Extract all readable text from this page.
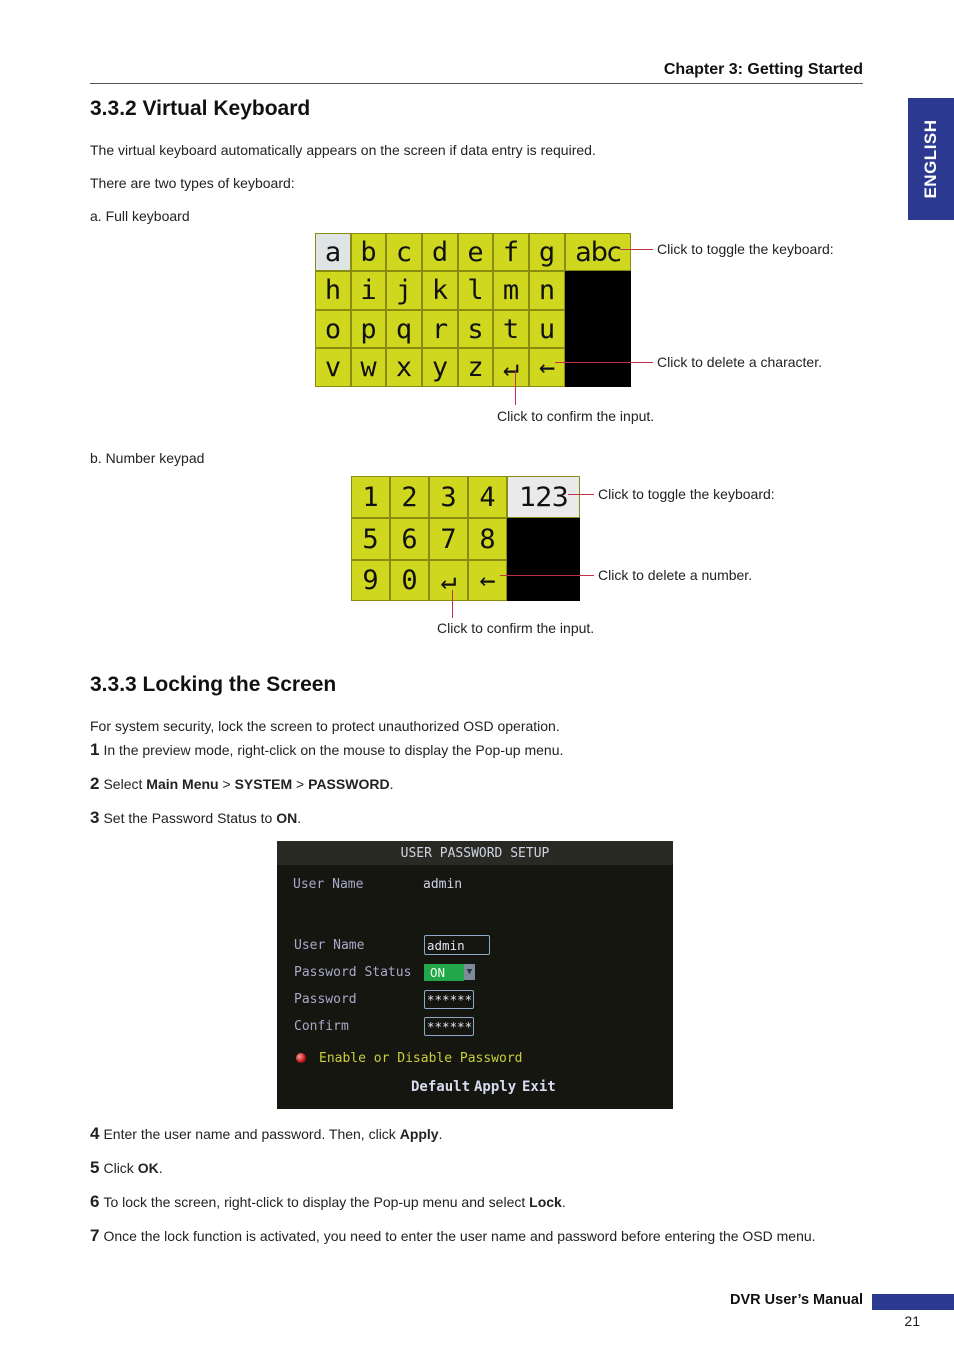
Chapter 3: Getting Started
ENGLISH
3.3.2 Virtual Keyboard
The virtual keyboard automatically appears on the screen if data entry is required.
There are two types of keyboard:
a. Full keyboard
a b c d e f g abc
h i j k l m n
o p q r s t u
v w x y z ↵ ←
Click to toggle the keyboard:
Click to delete a character.
Click to confirm the input.
b. Number keypad
1 2 3 4 123
5 6 7 8
9 0 ↵ ←
Click to toggle the keyboard:
Click to delete a number.
Click to confirm the input.
3.3.3 Locking the Screen
For system security, lock the screen to protect unauthorized OSD operation.
1 In the preview mode, right-click on the mouse to display the Pop-up menu.
2 Select Main Menu > SYSTEM > PASSWORD.
3 Set the Password Status to ON.
USER PASSWORD SETUP
User Name	admin
User Name	admin
Password Status	ON	▼
Password	******
Confirm	******
Enable or Disable Password
Default Apply Exit
4 Enter the user name and password. Then, click Apply.
5 Click OK.
6 To lock the screen, right-click to display the Pop-up menu and select Lock.
7 Once the lock function is activated, you need to enter the user name and password before entering the OSD menu.
DVR User’s Manual
21
